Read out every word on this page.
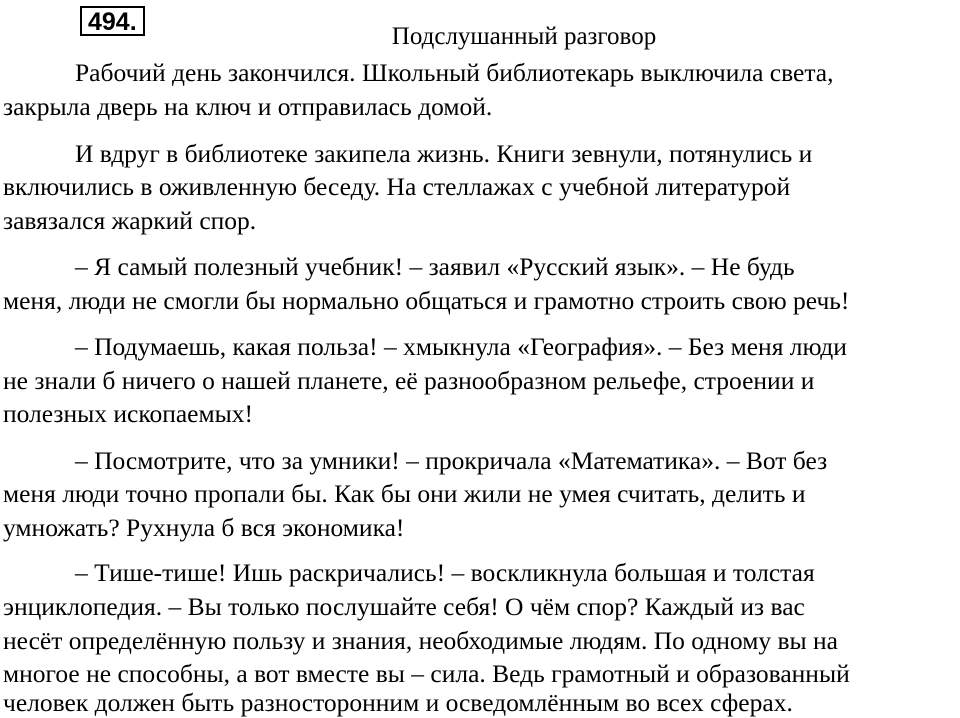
494.
Подслушанный разговор
Рабочий день закончился. Школьный библиотекарь выключила света,
закрыла дверь на ключ и отправилась домой.
И вдруг в библиотеке закипела жизнь. Книги зевнули, потянулись и
включились в оживленную беседу. На стеллажах с учебной литературой
завязался жаркий спор.
– Я самый полезный учебник! – заявил «Русский язык». – Не будь
меня, люди не смогли бы нормально общаться и грамотно строить свою речь!
– Подумаешь, какая польза! – хмыкнула «География». – Без меня люди
не знали б ничего о нашей планете, её разнообразном рельефе, строении и
полезных ископаемых!
– Посмотрите, что за умники! – прокричала «Математика». – Вот без
меня люди точно пропали бы. Как бы они жили не умея считать, делить и
умножать? Рухнула б вся экономика!
– Тише-тише! Ишь раскричались! – воскликнула большая и толстая
энциклопедия. – Вы только послушайте себя! О чём спор? Каждый из вас
несёт определённую пользу и знания, необходимые людям. По одному вы на
многое не способны, а вот вместе вы – сила. Ведь грамотный и образованный
человек должен быть разносторонним и осведомлённым во всех сферах.
